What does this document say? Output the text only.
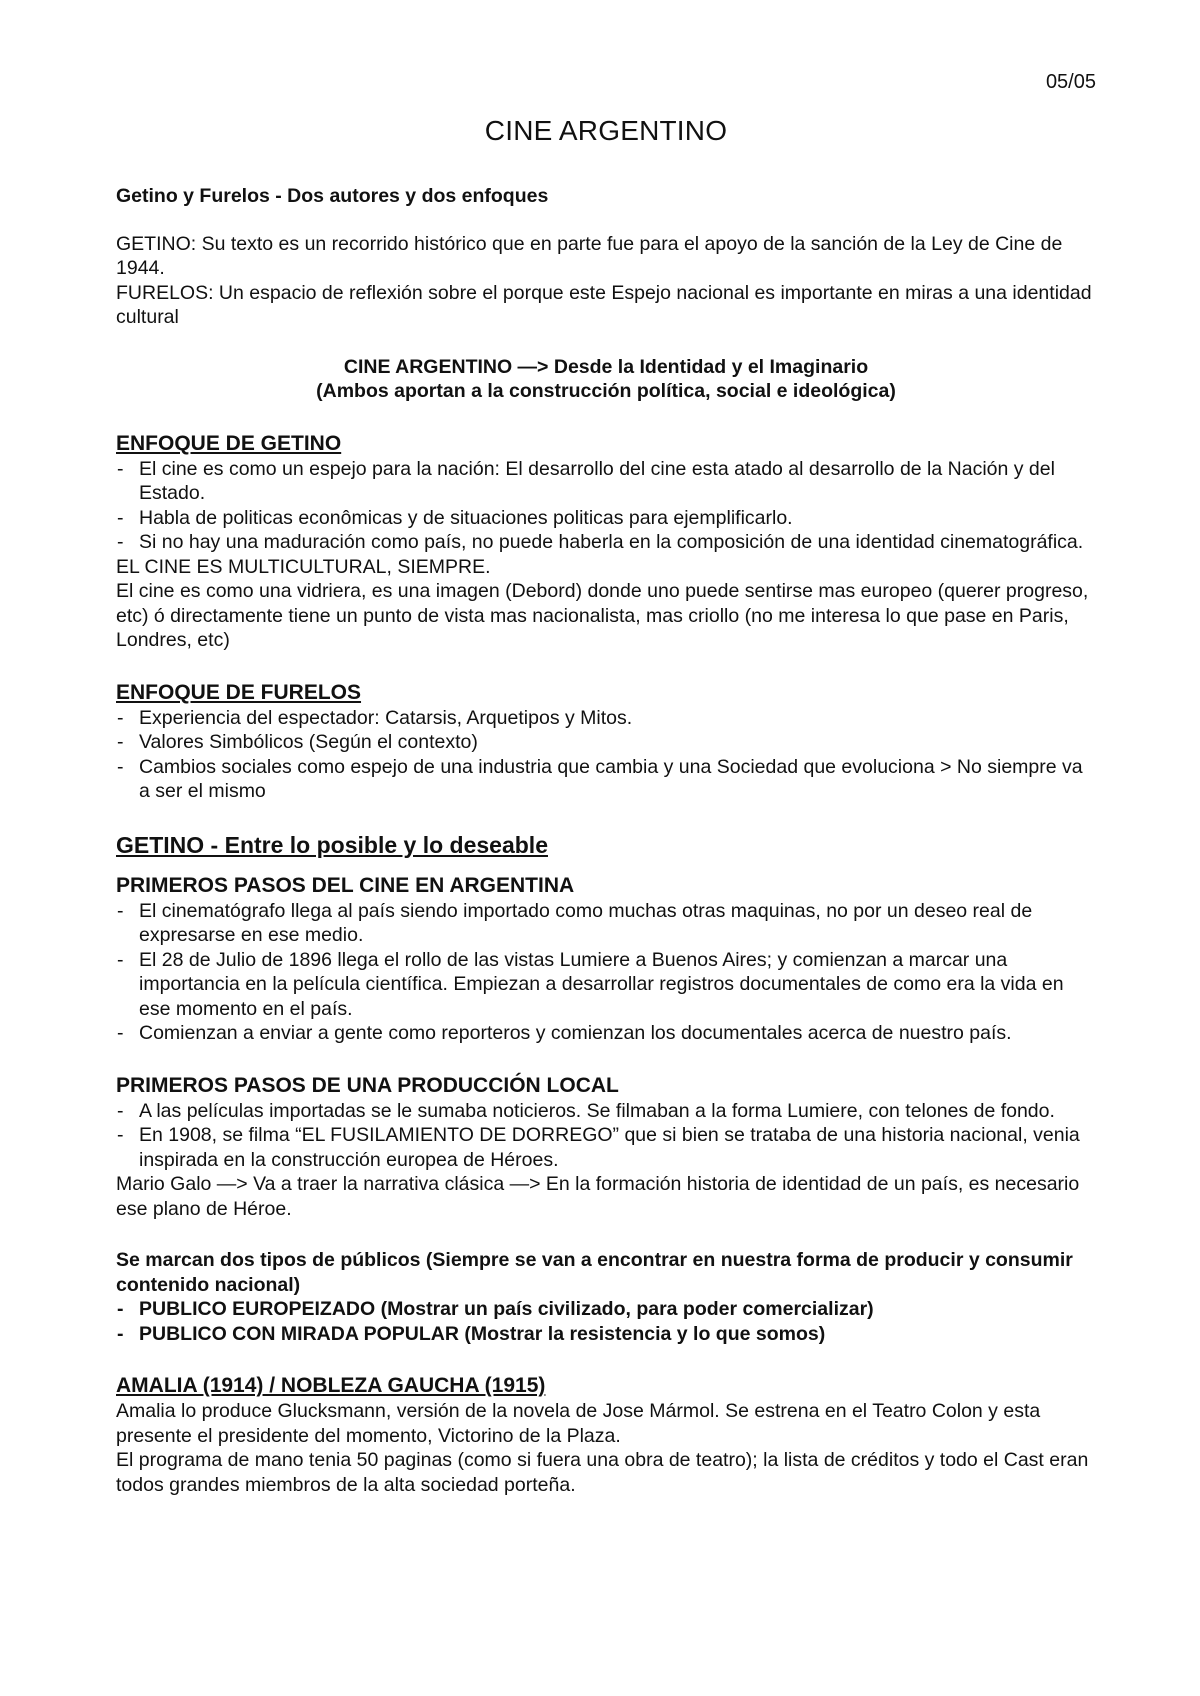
05/05

CINE ARGENTINO

Getino y Furelos - Dos autores y dos enfoques

GETINO: Su texto es un recorrido histórico que en parte fue para el apoyo de la sanción de la Ley de Cine de 1944.

FURELOS: Un espacio de reflexión sobre el porque este Espejo nacional es importante en miras a una identidad cultural

CINE ARGENTINO —> Desde la Identidad y el Imaginario

(Ambos aportan a la construcción política, social e ideológica)

ENFOQUE DE GETINO

- El cine es como un espejo para la nación: El desarrollo del cine esta atado al desarrollo de la Nación y del Estado.
- Habla de politicas econômicas y de situaciones politicas para ejemplificarlo.
- Si no hay una maduración como país, no puede haberla en la composición de una identidad cinematográfica.

EL CINE ES MULTICULTURAL, SIEMPRE.

El cine es como una vidriera, es una imagen (Debord) donde uno puede sentirse mas europeo (querer progreso, etc) ó directamente tiene un punto de vista mas nacionalista, mas criollo (no me interesa lo que pase en Paris, Londres, etc)

ENFOQUE DE FURELOS

- Experiencia del espectador: Catarsis, Arquetipos y Mitos.
- Valores Simbólicos (Según el contexto)
- Cambios sociales como espejo de una industria que cambia y una Sociedad que evoluciona > No siempre va a ser el mismo

GETINO - Entre lo posible y lo deseable

PRIMEROS PASOS DEL CINE EN ARGENTINA

- El cinematógrafo llega al país siendo importado como muchas otras maquinas, no por un deseo real de expresarse en ese medio.
- El 28 de Julio de 1896 llega el rollo de las vistas Lumiere a Buenos Aires; y comienzan a marcar una importancia en la película científica. Empiezan a desarrollar registros documentales de como era la vida en ese momento en el país.
- Comienzan a enviar a gente como reporteros y comienzan los documentales acerca de nuestro país.

PRIMEROS PASOS DE UNA PRODUCCIÓN LOCAL

- A las películas importadas se le sumaba noticieros. Se filmaban a la forma Lumiere, con telones de fondo.
- En 1908, se filma “EL FUSILAMIENTO DE DORREGO” que si bien se trataba de una historia nacional, venia inspirada en la construcción europea de Héroes.

Mario Galo —> Va a traer la narrativa clásica —> En la formación historia de identidad de un país, es necesario ese plano de Héroe.

Se marcan dos tipos de públicos (Siempre se van a encontrar en nuestra forma de producir y consumir contenido nacional)

- PUBLICO EUROPEIZADO (Mostrar un país civilizado, para poder comercializar)
- PUBLICO CON MIRADA POPULAR (Mostrar la resistencia y lo que somos)

AMALIA (1914) / NOBLEZA GAUCHA (1915)

Amalia lo produce Glucksmann, versión de la novela de Jose Mármol. Se estrena en el Teatro Colon y esta presente el presidente del momento, Victorino de la Plaza.

El programa de mano tenia 50 paginas (como si fuera una obra de teatro); la lista de créditos y todo el Cast eran todos grandes miembros de la alta sociedad porteña.
